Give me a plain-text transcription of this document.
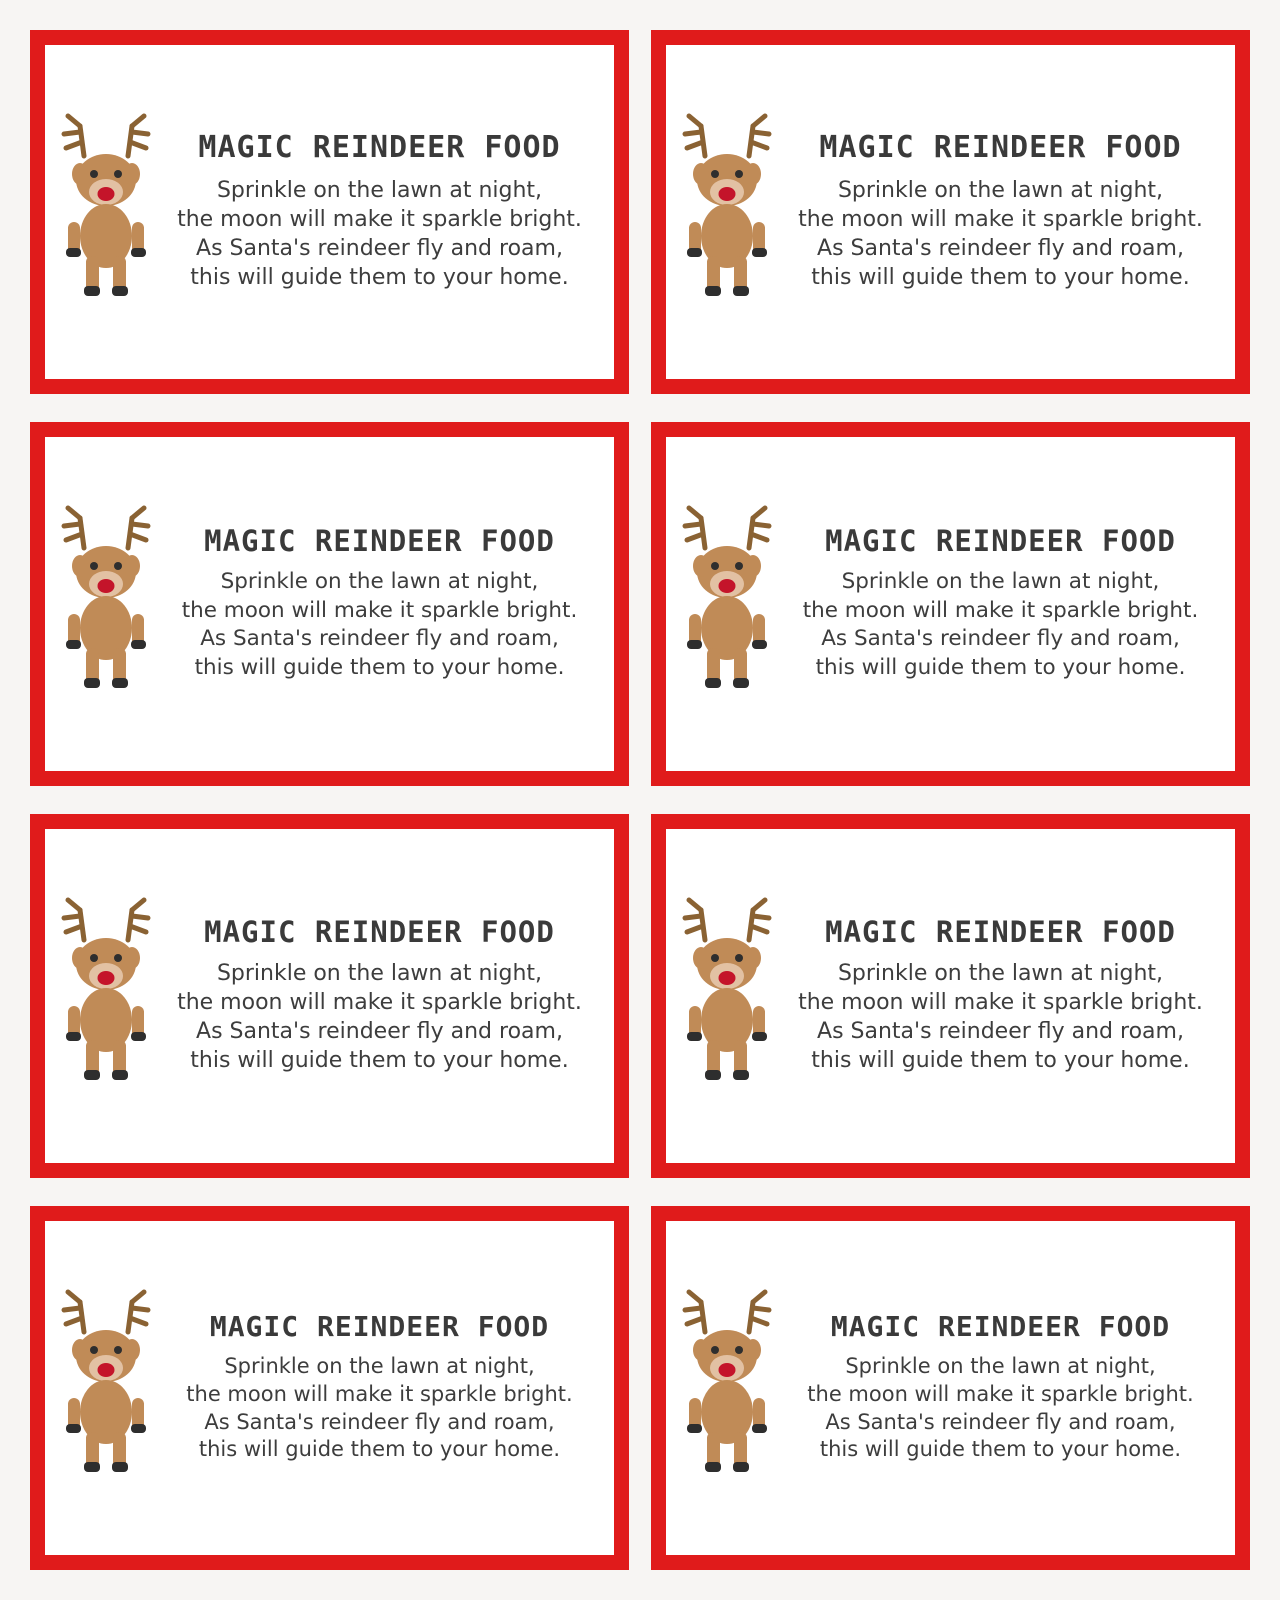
MAGIC REINDEER FOOD
Sprinkle on the lawn at night,
the moon will make it sparkle bright.
As Santa's reindeer fly and roam,
this will guide them to your home.
MAGIC REINDEER FOOD
Sprinkle on the lawn at night,
the moon will make it sparkle bright.
As Santa's reindeer fly and roam,
this will guide them to your home.
MAGIC REINDEER FOOD
Sprinkle on the lawn at night,
the moon will make it sparkle bright.
As Santa's reindeer fly and roam,
this will guide them to your home.
MAGIC REINDEER FOOD
Sprinkle on the lawn at night,
the moon will make it sparkle bright.
As Santa's reindeer fly and roam,
this will guide them to your home.
MAGIC REINDEER FOOD
Sprinkle on the lawn at night,
the moon will make it sparkle bright.
As Santa's reindeer fly and roam,
this will guide them to your home.
MAGIC REINDEER FOOD
Sprinkle on the lawn at night,
the moon will make it sparkle bright.
As Santa's reindeer fly and roam,
this will guide them to your home.
MAGIC REINDEER FOOD
Sprinkle on the lawn at night,
the moon will make it sparkle bright.
As Santa's reindeer fly and roam,
this will guide them to your home.
MAGIC REINDEER FOOD
Sprinkle on the lawn at night,
the moon will make it sparkle bright.
As Santa's reindeer fly and roam,
this will guide them to your home.
